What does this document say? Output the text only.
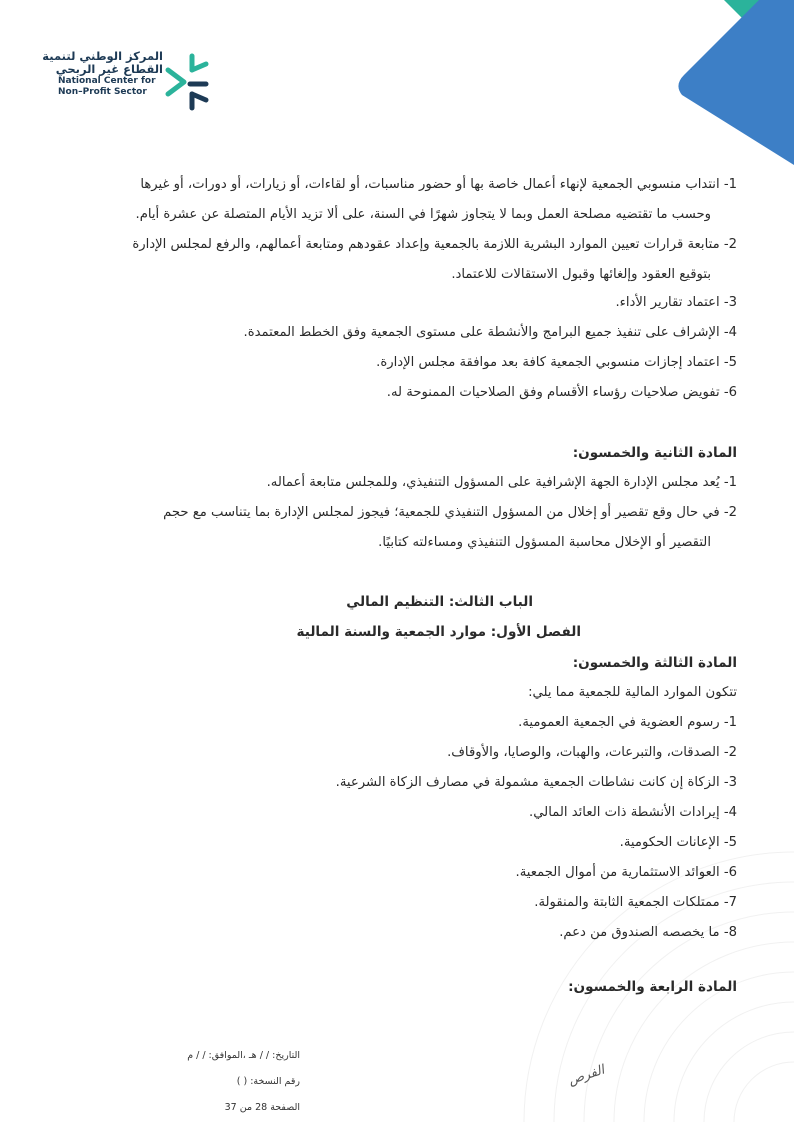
المركز الوطني لتنمية
القطاع غير الربحي
National Center for
Non–Profit Sector
1- انتداب منسوبي الجمعية لإنهاء أعمال خاصة بها أو حضور مناسبات، أو لقاءات، أو زيارات، أو دورات، أو غيرها
وحسب ما تقتضيه مصلحة العمل وبما لا يتجاوز شهرًا في السنة، على ألا تزيد الأيام المتصلة عن عشرة أيام.
2- متابعة قرارات تعيين الموارد البشرية اللازمة بالجمعية وإعداد عقودهم ومتابعة أعمالهم، والرفع لمجلس الإدارة
بتوقيع العقود وإلغائها وقبول الاستقالات للاعتماد.
3- اعتماد تقارير الأداء.
4- الإشراف على تنفيذ جميع البرامج والأنشطة على مستوى الجمعية وفق الخطط المعتمدة.
5- اعتماد إجازات منسوبي الجمعية كافة بعد موافقة مجلس الإدارة.
6- تفويض صلاحيات رؤساء الأقسام وفق الصلاحيات الممنوحة له.
المادة الثانية والخمسون:
1- يُعد مجلس الإدارة الجهة الإشرافية على المسؤول التنفيذي، وللمجلس متابعة أعماله.
2- في حال وقع تقصير أو إخلال من المسؤول التنفيذي للجمعية؛ فيجوز لمجلس الإدارة بما يتناسب مع حجم
التقصير أو الإخلال محاسبة المسؤول التنفيذي ومساءلته كتابيًا.
الباب الثالث: التنظيم المالي
الفصل الأول: موارد الجمعية والسنة المالية
المادة الثالثة والخمسون:
تتكون الموارد المالية للجمعية مما يلي:
1- رسوم العضوية في الجمعية العمومية.
2- الصدقات، والتبرعات، والهبات، والوصايا، والأوقاف.
3- الزكاة إن كانت نشاطات الجمعية مشمولة في مصارف الزكاة الشرعية.
4- إيرادات الأنشطة ذات العائد المالي.
5- الإعانات الحكومية.
6- العوائد الاستثمارية من أموال الجمعية.
7- ممتلكات الجمعية الثابتة والمنقولة.
8- ما يخصصه الصندوق من دعم.
المادة الرابعة والخمسون:
التاريخ: / / هـ ،الموافق: / / م
رقم النسخة: ( )
الصفحة 28 من 37
الفرص
